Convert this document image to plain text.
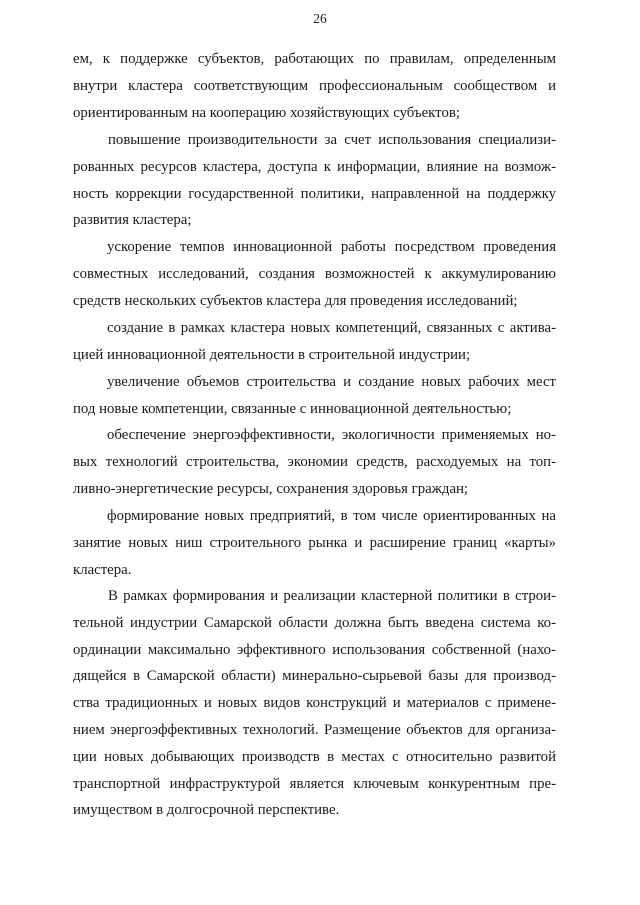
26

ем, к поддержке субъектов, работающих по правилам, определенным внутри кластера соответствующим профессиональным сообществом и ориентированным на кооперацию хозяйствующих субъектов;

повышение производительности за счет использования специализированных ресурсов кластера, доступа к информации, влияние на возможность коррекции государственной политики, направленной на поддержку развития кластера;

ускорение темпов инновационной работы посредством проведения совместных исследований, создания возможностей к аккумулированию средств нескольких субъектов кластера для проведения исследований;

создание в рамках кластера новых компетенций, связанных с активацией инновационной деятельности в строительной индустрии;

увеличение объемов строительства и создание новых рабочих мест под новые компетенции, связанные с инновационной деятельностью;

обеспечение энергоэффективности, экологичности применяемых новых технологий строительства, экономии средств, расходуемых на топливно-энергетические ресурсы, сохранения здоровья граждан;

формирование новых предприятий, в том числе ориентированных на занятие новых ниш строительного рынка и расширение границ «карты» кластера.

В рамках формирования и реализации кластерной политики в строительной индустрии Самарской области должна быть введена система координации максимально эффективного использования собственной (находящейся в Самарской области) минерально-сырьевой базы для производства традиционных и новых видов конструкций и материалов с применением энергоэффективных технологий. Размещение объектов для организации новых добывающих производств в местах с относительно развитой транспортной инфраструктурой является ключевым конкурентным преимуществом в долгосрочной перспективе.
